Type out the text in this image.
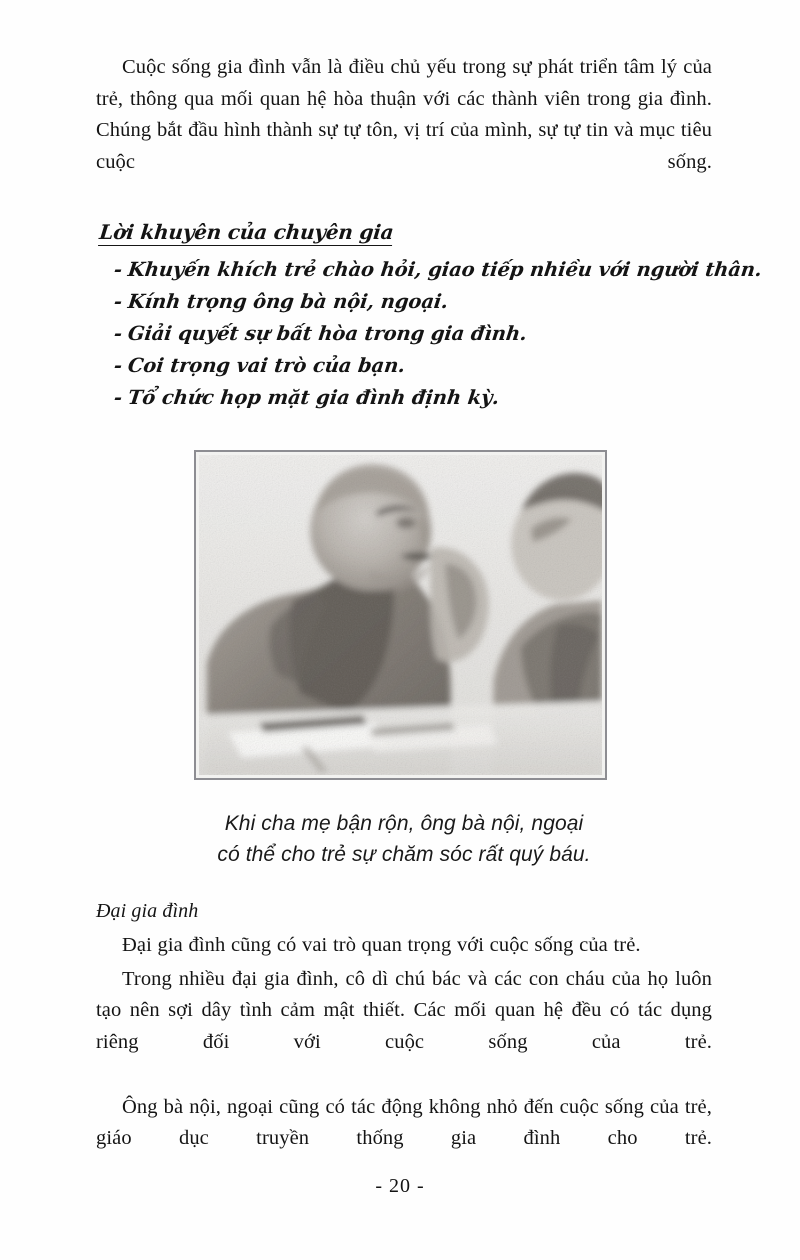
Cuộc sống gia đình vẫn là điều chủ yếu trong sự phát triển tâm lý của trẻ, thông qua mối quan hệ hòa thuận với các thành viên trong gia đình. Chúng bắt đầu hình thành sự tự tôn, vị trí của mình, sự tự tin và mục tiêu cuộc sống.

Lời khuyên của chuyên gia
- Khuyến khích trẻ chào hỏi, giao tiếp nhiều với người thân.
- Kính trọng ông bà nội, ngoại.
- Giải quyết sự bất hòa trong gia đình.
- Coi trọng vai trò của bạn.
- Tổ chức họp mặt gia đình định kỳ.
Khi cha mẹ bận rộn, ông bà nội, ngoại
có thể cho trẻ sự chăm sóc rất quý báu.

Đại gia đình

Đại gia đình cũng có vai trò quan trọng với cuộc sống của trẻ.

Trong nhiều đại gia đình, cô dì chú bác và các con cháu của họ luôn tạo nên sợi dây tình cảm mật thiết. Các mối quan hệ đều có tác dụng riêng đối với cuộc sống của trẻ.

Ông bà nội, ngoại cũng có tác động không nhỏ đến cuộc sống của trẻ, giáo dục truyền thống gia đình cho trẻ.

- 20 -
